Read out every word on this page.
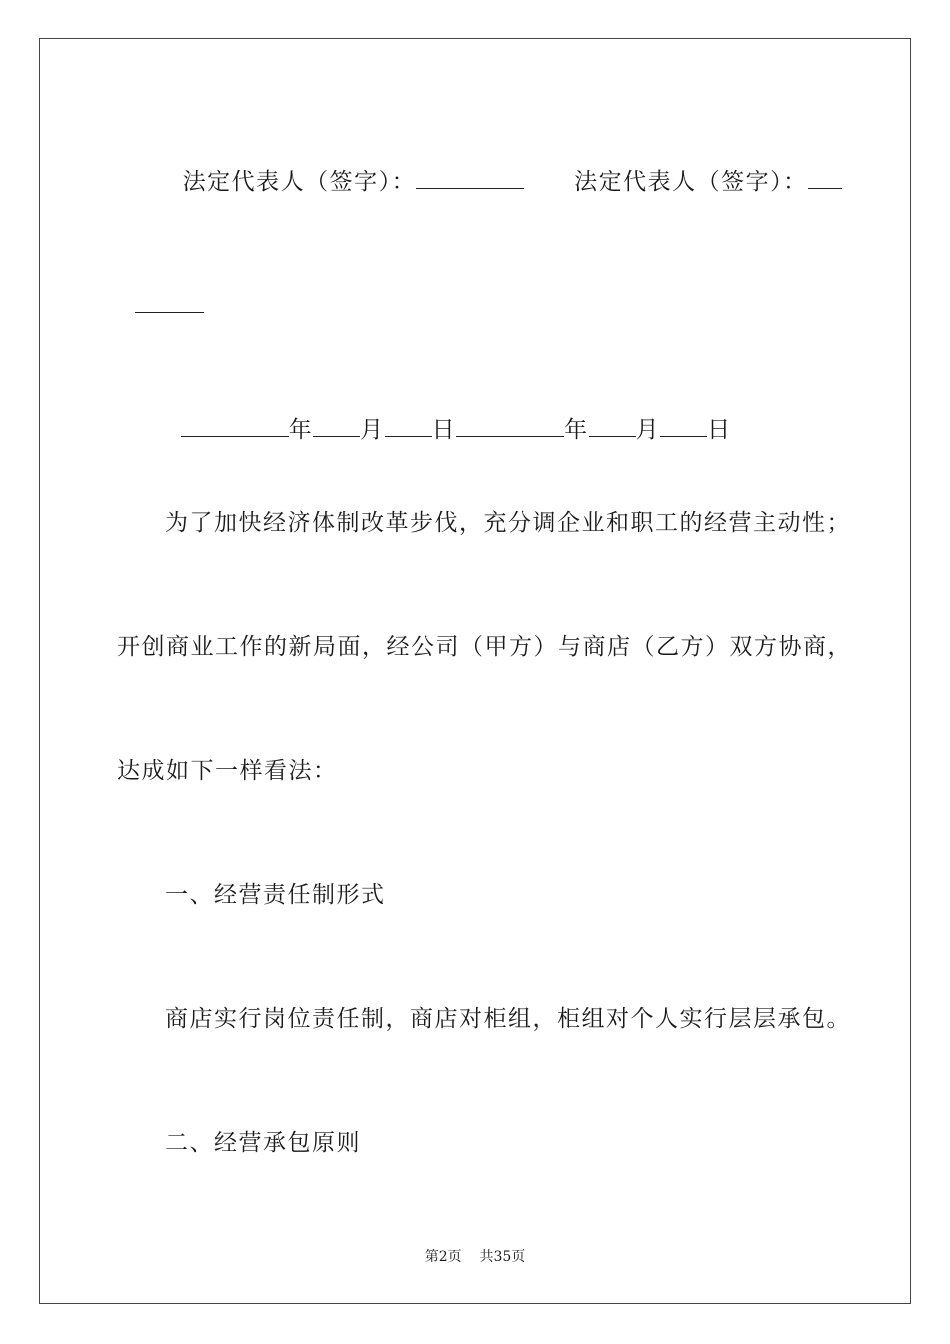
法定代表人（签字）：	法定代表人（签字）：

年 月 日	年 月 日

为了加快经济体制改革步伐，充分调企业和职工的经营主动性；
开创商业工作的新局面，经公司（甲方）与商店（乙方）双方协商，
达成如下一样看法：
一、经营责任制形式
商店实行岗位责任制，商店对柜组，柜组对个人实行层层承包。
二、经营承包原则
第2页 共35页
